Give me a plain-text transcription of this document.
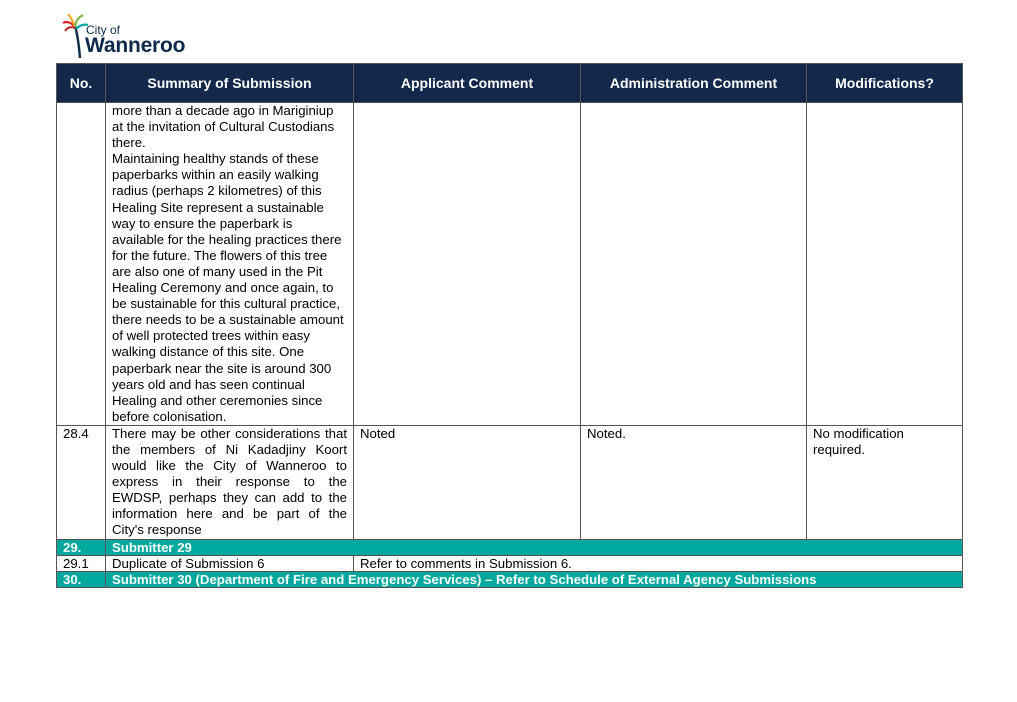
City of
Wanneroo
No.	Summary of Submission	Applicant Comment	Administration Comment	Modifications?

	more than a decade ago in Mariginiup at the invitation of Cultural Custodians there.
Maintaining healthy stands of these paperbarks within an easily walking radius (perhaps 2 kilometres) of this Healing Site represent a sustainable way to ensure the paperbark is available for the healing practices there for the future. The flowers of this tree are also one of many used in the Pit Healing Ceremony and once again, to be sustainable for this cultural practice, there needs to be a sustainable amount of well protected trees within easy walking distance of this site. One paperbark near the site is around 300 years old and has seen continual Healing and other ceremonies since before colonisation.			

28.4	There may be other considerations that the members of Ni Kadadjiny Koort would like the City of Wanneroo to express in their response to the EWDSP, perhaps they can add to the information here and be part of the City's response	Noted	Noted.	No modification required.
29.	Submitter 29			
29.1	Duplicate of Submission 6	Refer to comments in Submission 6.		
30.	Submitter 30 (Department of Fire and Emergency Services) – Refer to Schedule of External Agency Submissions			
